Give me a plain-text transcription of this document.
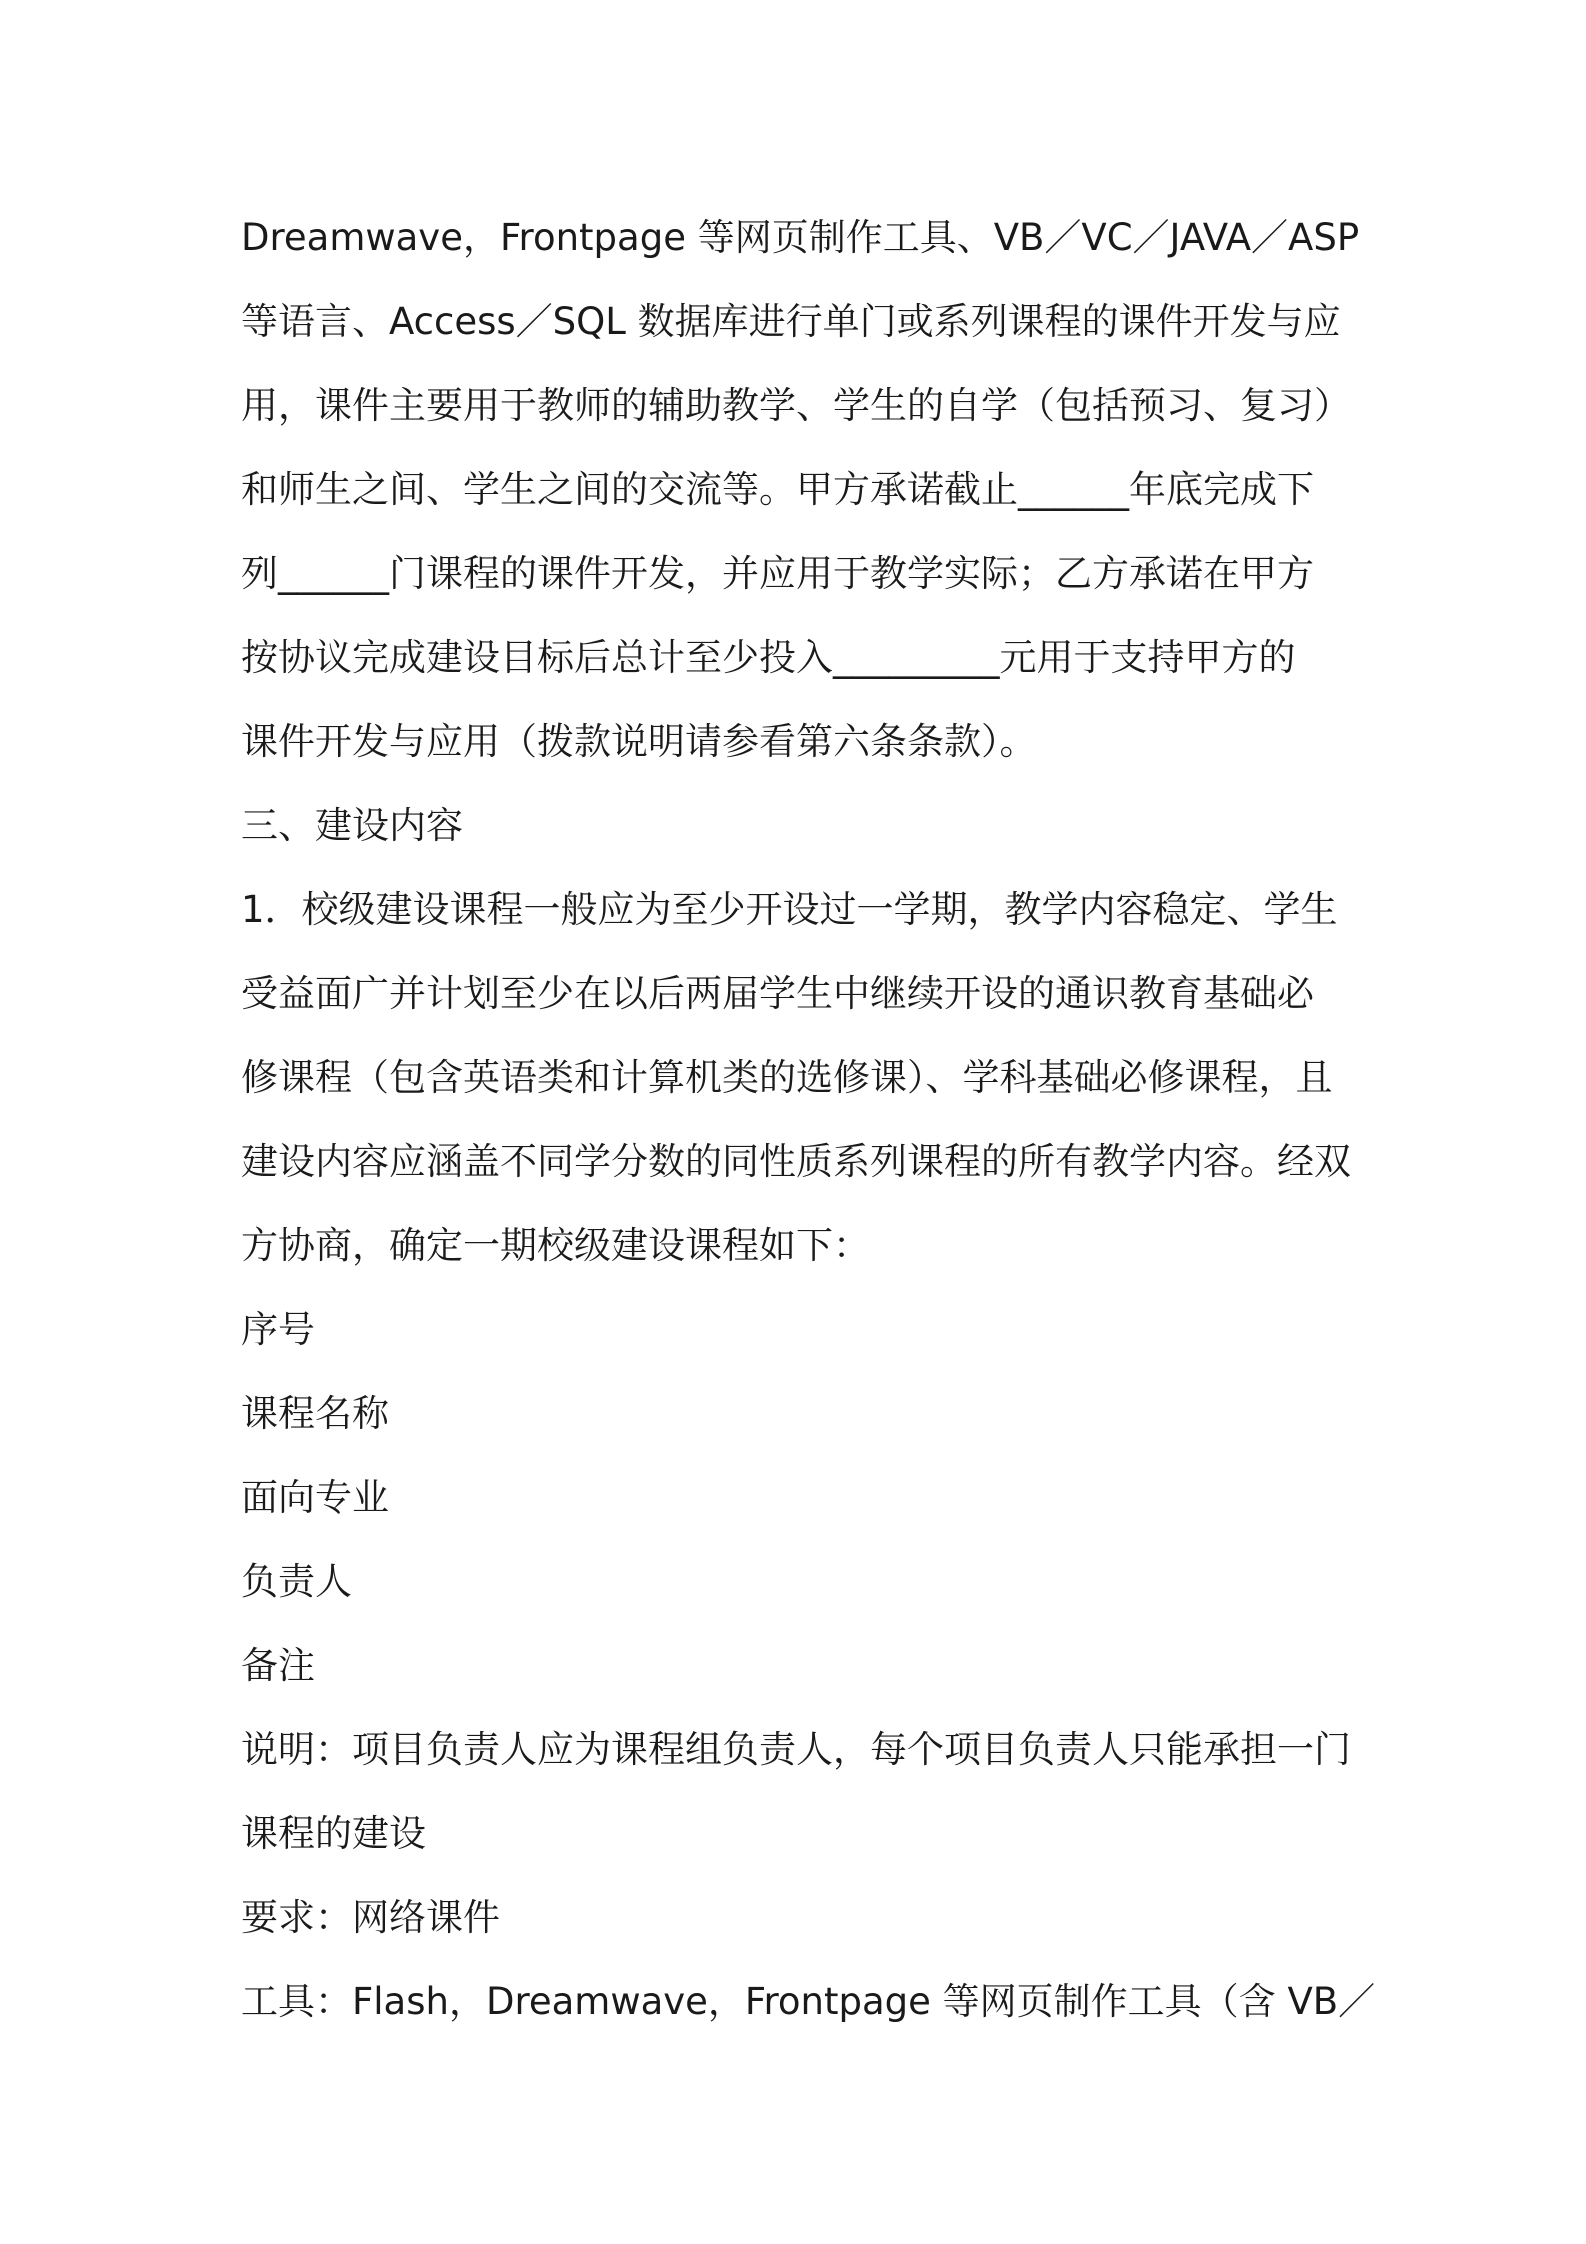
Dreamwave，Frontpage 等网页制作工具、VB／VC／JAVA／ASP
等语言、Access／SQL 数据库进行单门或系列课程的课件开发与应
用，课件主要用于教师的辅助教学、学生的自学（包括预习、复习）
和师生之间、学生之间的交流等。甲方承诺截止______年底完成下
列______门课程的课件开发，并应用于教学实际；乙方承诺在甲方
按协议完成建设目标后总计至少投入_________元用于支持甲方的
课件开发与应用（拨款说明请参看第六条条款）。
三、建设内容
1．校级建设课程一般应为至少开设过一学期，教学内容稳定、学生
受益面广并计划至少在以后两届学生中继续开设的通识教育基础必
修课程（包含英语类和计算机类的选修课）、学科基础必修课程，且
建设内容应涵盖不同学分数的同性质系列课程的所有教学内容。经双
方协商，确定一期校级建设课程如下：
序号
课程名称
面向专业
负责人
备注
说明：项目负责人应为课程组负责人，每个项目负责人只能承担一门
课程的建设
要求：网络课件
工具：Flash，Dreamwave，Frontpage 等网页制作工具（含 VB／
